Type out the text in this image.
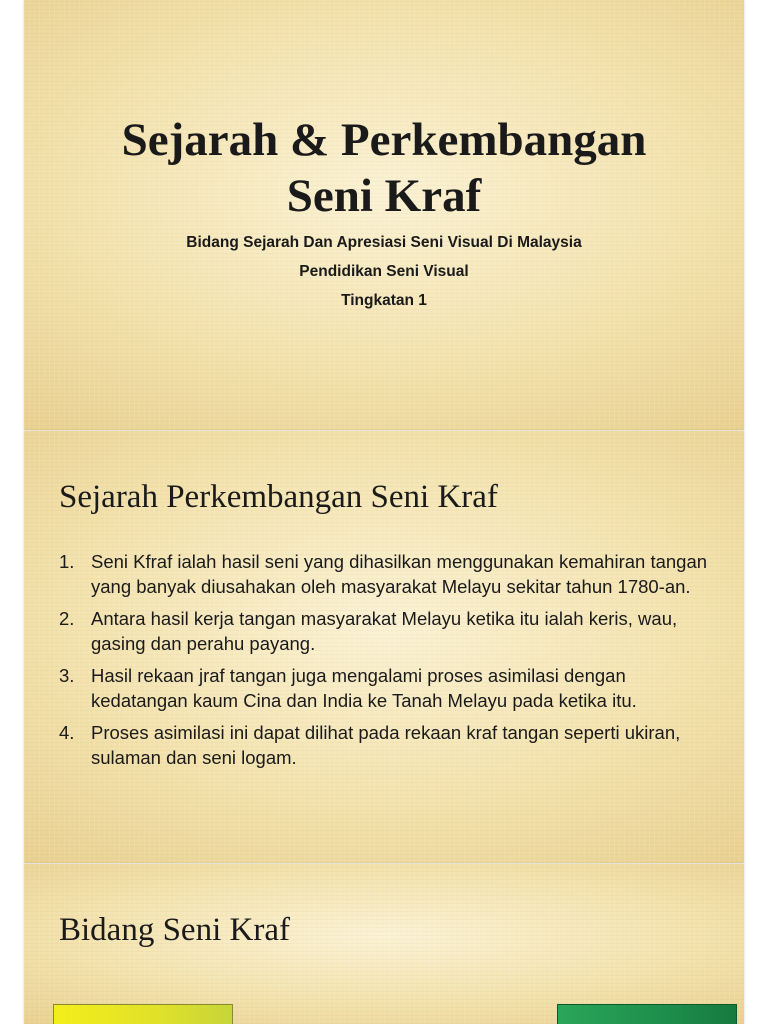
Sejarah & Perkembangan
Seni Kraf
Bidang Sejarah Dan Apresiasi Seni Visual Di Malaysia
Pendidikan Seni Visual
Tingkatan 1
Sejarah Perkembangan Seni Kraf
1. Seni Kfraf ialah hasil seni yang dihasilkan menggunakan kemahiran tangan yang banyak diusahakan oleh masyarakat Melayu sekitar tahun 1780-an.
2. Antara hasil kerja tangan masyarakat Melayu ketika itu ialah keris, wau, gasing dan perahu payang.
3. Hasil rekaan jraf tangan juga mengalami proses asimilasi dengan kedatangan kaum Cina dan India ke Tanah Melayu pada ketika itu.
4. Proses asimilasi ini dapat dilihat pada rekaan kraf tangan seperti ukiran, sulaman dan seni logam.
Bidang Seni Kraf
